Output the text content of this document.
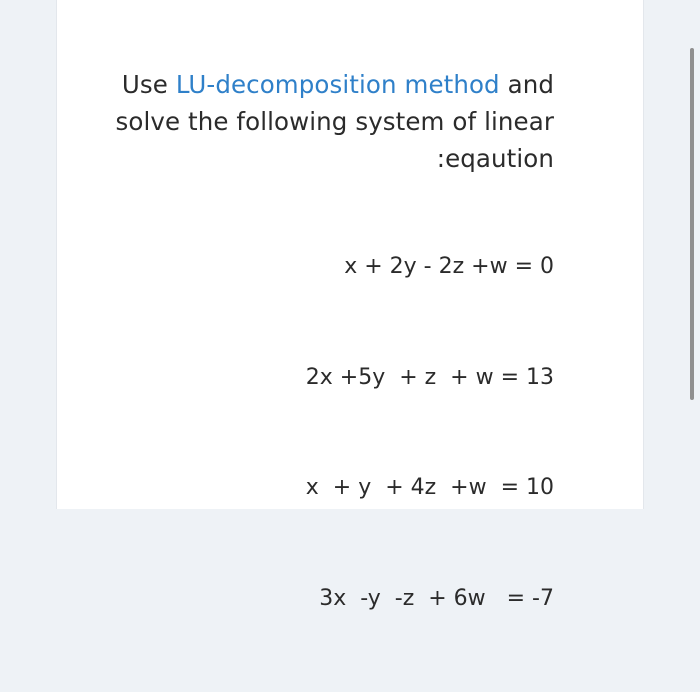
Use LU-decomposition method and
solve the following system of linear
:eqaution

x + 2y - 2z +w = 0

2x +5y  + z  + w = 13

x  + y  + 4z  +w  = 10

3x  -y  -z  + 6w   = -7
